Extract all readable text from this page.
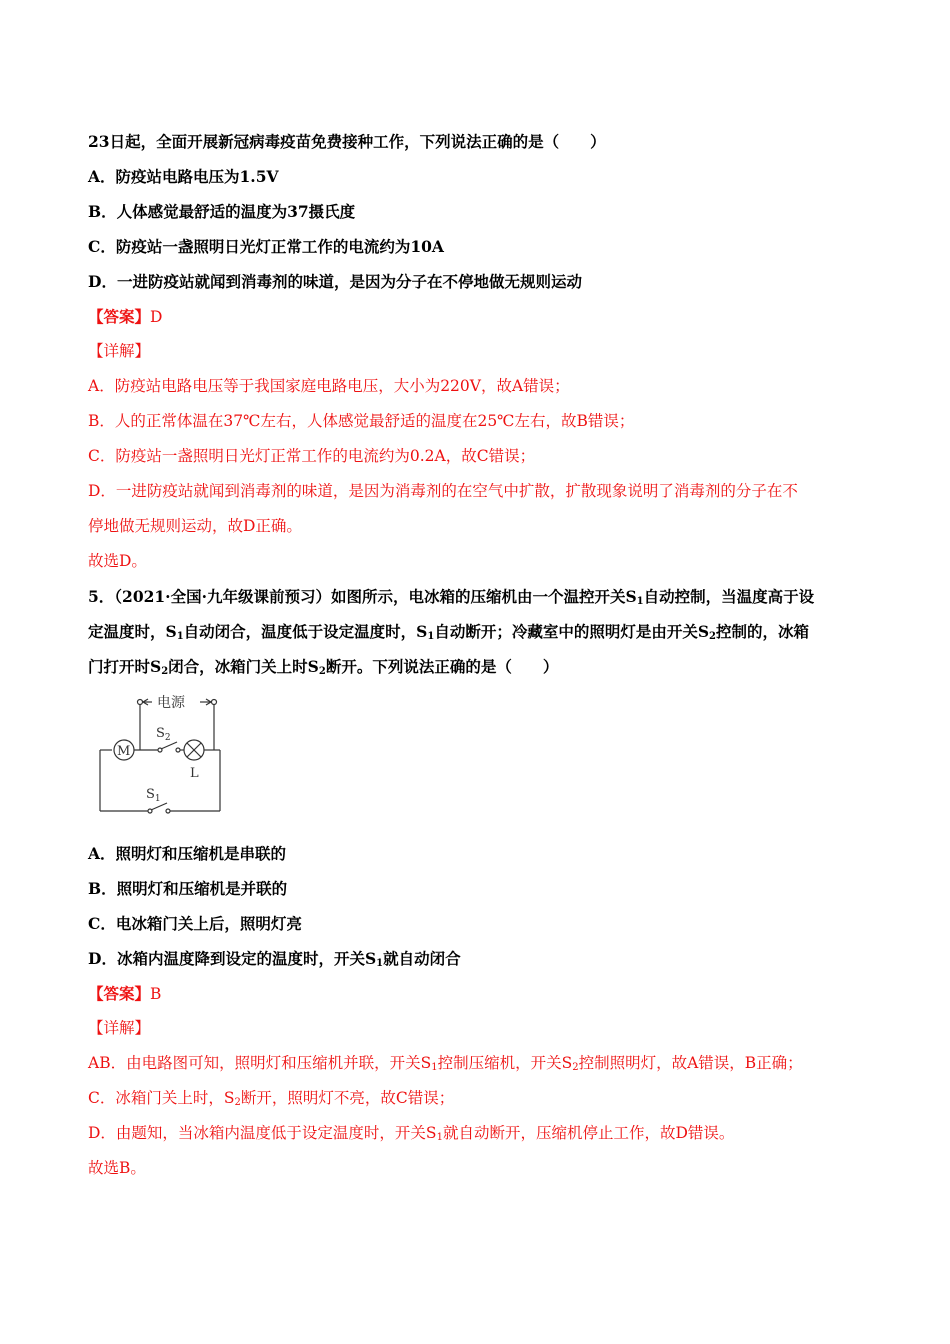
23日起，全面开展新冠病毒疫苗免费接种工作，下列说法正确的是（　　）
A．防疫站电路电压为1.5V
B．人体感觉最舒适的温度为37摄氏度
C．防疫站一盏照明日光灯正常工作的电流约为10A
D．一进防疫站就闻到消毒剂的味道，是因为分子在不停地做无规则运动
【答案】D
【详解】
A．防疫站电路电压等于我国家庭电路电压，大小为220V，故A错误；
B．人的正常体温在37℃左右，人体感觉最舒适的温度在25℃左右，故B错误；
C．防疫站一盏照明日光灯正常工作的电流约为0.2A，故C错误；
D．一进防疫站就闻到消毒剂的味道，是因为消毒剂的在空气中扩散，扩散现象说明了消毒剂的分子在不
停地做无规则运动，故D正确。
故选D。
5．（2021·全国·九年级课前预习）如图所示，电冰箱的压缩机由一个温控开关$S_1$自动控制，当温度高于设
定温度时，$S_1$自动闭合，温度低于设定温度时，$S_1$自动断开；冷藏室中的照明灯是由开关$S_2$控制的，冰箱
门打开时$S_2$闭合，冰箱门关上时$S_2$断开。下列说法正确的是（　　）
电源
M
L
$S_2$
$S_1$
A．照明灯和压缩机是串联的
B．照明灯和压缩机是并联的
C．电冰箱门关上后，照明灯亮
D．冰箱内温度降到设定的温度时，开关$S_1$就自动闭合
【答案】B
【详解】
AB．由电路图可知，照明灯和压缩机并联，开关$S_1$控制压缩机，开关$S_2$控制照明灯，故A错误，B正确；
C．冰箱门关上时，$S_2$断开，照明灯不亮，故C错误；
D．由题知，当冰箱内温度低于设定温度时，开关$S_1$就自动断开，压缩机停止工作，故D错误。
故选B。
